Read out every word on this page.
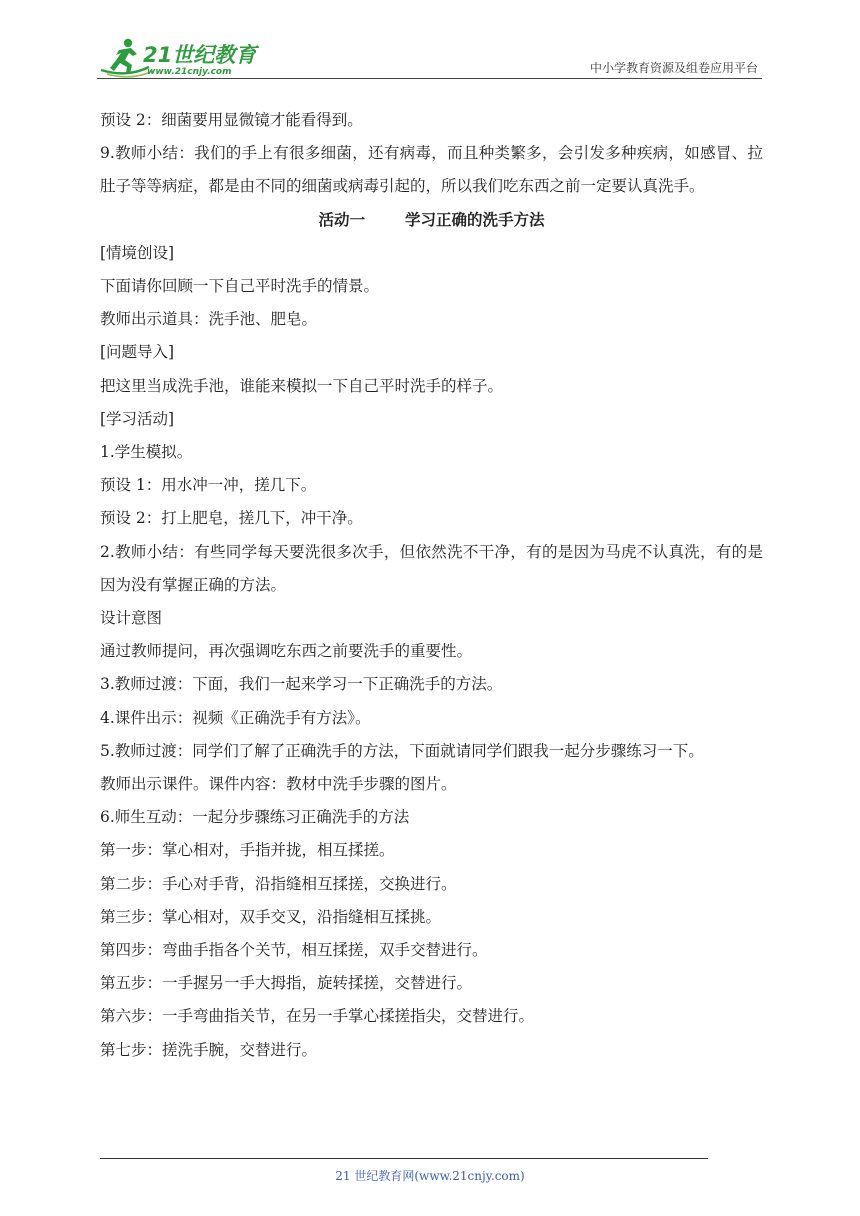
21世纪教育
www.21cnjy.com	中小学教育资源及组卷应用平台
预设 2：细菌要用显微镜才能看得到。
9.教师小结：我们的手上有很多细菌，还有病毒，而且种类繁多，会引发多种疾病，如感冒、拉肚子等等病症，都是由不同的细菌或病毒引起的，所以我们吃东西之前一定要认真洗手。
活动一	学习正确的洗手方法
[情境创设]
下面请你回顾一下自己平时洗手的情景。
教师出示道具：洗手池、肥皂。
[问题导入]
把这里当成洗手池，谁能来模拟一下自己平时洗手的样子。
[学习活动]
1.学生模拟。
预设 1：用水冲一冲，搓几下。
预设 2：打上肥皂，搓几下，冲干净。
2.教师小结：有些同学每天要洗很多次手，但依然洗不干净，有的是因为马虎不认真洗，有的是因为没有掌握正确的方法。
设计意图
通过教师提问，再次强调吃东西之前要洗手的重要性。
3.教师过渡：下面，我们一起来学习一下正确洗手的方法。
4.课件出示：视频《正确洗手有方法》。
5.教师过渡：同学们了解了正确洗手的方法，下面就请同学们跟我一起分步骤练习一下。
教师出示课件。课件内容：教材中洗手步骤的图片。
6.师生互动：一起分步骤练习正确洗手的方法
第一步：掌心相对，手指并拢，相互揉搓。
第二步：手心对手背，沿指缝相互揉搓，交换进行。
第三步：掌心相对，双手交叉，沿指缝相互揉挑。
第四步：弯曲手指各个关节，相互揉搓，双手交替进行。
第五步：一手握另一手大拇指，旋转揉搓，交替进行。
第六步：一手弯曲指关节，在另一手掌心揉搓指尖，交替进行。
第七步：搓洗手腕，交替进行。
21 世纪教育网(www.21cnjy.com)
